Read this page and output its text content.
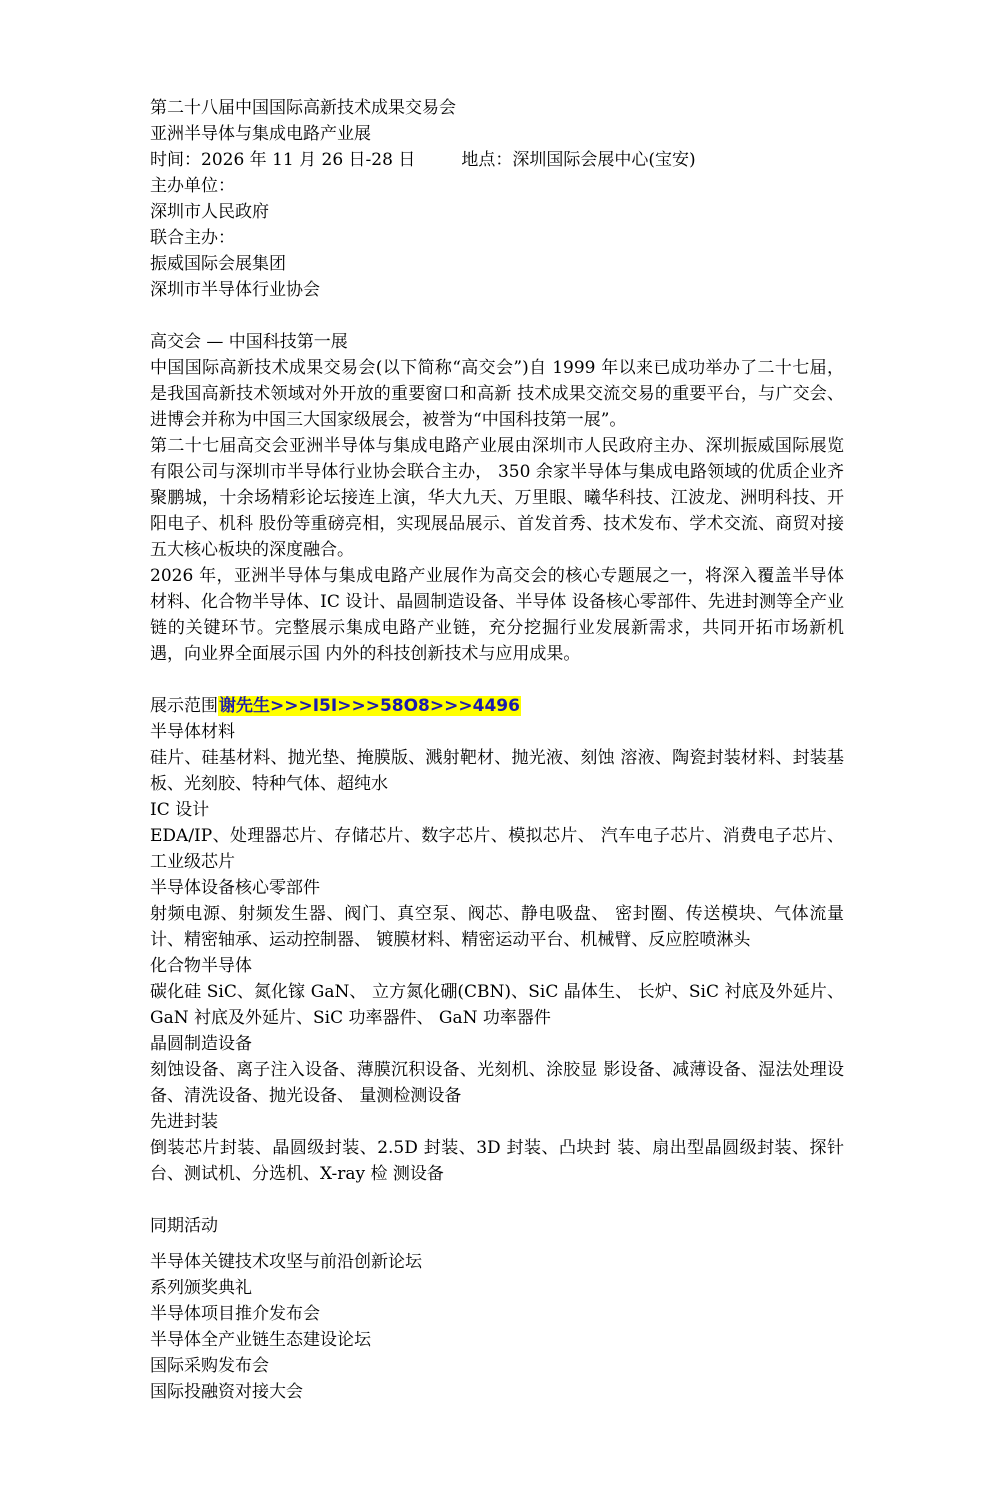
第二十八届中国国际高新技术成果交易会
亚洲半导体与集成电路产业展
时间：2026 年 11 月 26 日-28 日	地点：深圳国际会展中心(宝安)
主办单位：
深圳市人民政府
联合主办：
振威国际会展集团
深圳市半导体行业协会
高交会 — 中国科技第一展
中国国际高新技术成果交易会(以下简称“高交会”)自 1999 年以来已成功举办了二十七届，是我国高新技术领域对外开放的重要窗口和高新 技术成果交流交易的重要平台，与广交会、进博会并称为中国三大国家级展会，被誉为“中国科技第一展”。
第二十七届高交会亚洲半导体与集成电路产业展由深圳市人民政府主办、深圳振威国际展览有限公司与深圳市半导体行业协会联合主办， 350 余家半导体与集成电路领域的优质企业齐聚鹏城，十余场精彩论坛接连上演，华大九天、万里眼、曦华科技、江波龙、洲明科技、开阳电子、机科 股份等重磅亮相，实现展品展示、首发首秀、技术发布、学术交流、商贸对接五大核心板块的深度融合。
2026 年，亚洲半导体与集成电路产业展作为高交会的核心专题展之一，将深入覆盖半导体材料、化合物半导体、IC 设计、晶圆制造设备、半导体 设备核心零部件、先进封测等全产业链的关键环节。完整展示集成电路产业链，充分挖掘行业发展新需求，共同开拓市场新机遇，向业界全面展示国 内外的科技创新技术与应用成果。
展示范围谢先生>>>I5I>>>58O8>>>4496
半导体材料
硅片、硅基材料、抛光垫、掩膜版、溅射靶材、抛光液、刻蚀 溶液、陶瓷封装材料、封装基板、光刻胶、特种气体、超纯水
IC 设计
EDA/IP、处理器芯片、存储芯片、数字芯片、模拟芯片、 汽车电子芯片、消费电子芯片、工业级芯片
半导体设备核心零部件
射频电源、射频发生器、阀门、真空泵、阀芯、静电吸盘、 密封圈、传送模块、气体流量计、精密轴承、运动控制器、 镀膜材料、精密运动平台、机械臂、反应腔喷淋头
化合物半导体
碳化硅 SiC、氮化镓 GaN、 立方氮化硼(CBN)、SiC 晶体生、 长炉、SiC 衬底及外延片、GaN 衬底及外延片、SiC 功率器件、 GaN 功率器件
晶圆制造设备
刻蚀设备、离子注入设备、薄膜沉积设备、光刻机、涂胶显 影设备、减薄设备、湿法处理设备、清洗设备、抛光设备、 量测检测设备
先进封装
倒装芯片封装、晶圆级封装、2.5D 封装、3D 封装、凸块封 装、扇出型晶圆级封装、探针台、测试机、分选机、X-ray 检 测设备
同期活动
半导体关键技术攻坚与前沿创新论坛
系列颁奖典礼
半导体项目推介发布会
半导体全产业链生态建设论坛
国际采购发布会
国际投融资对接大会
